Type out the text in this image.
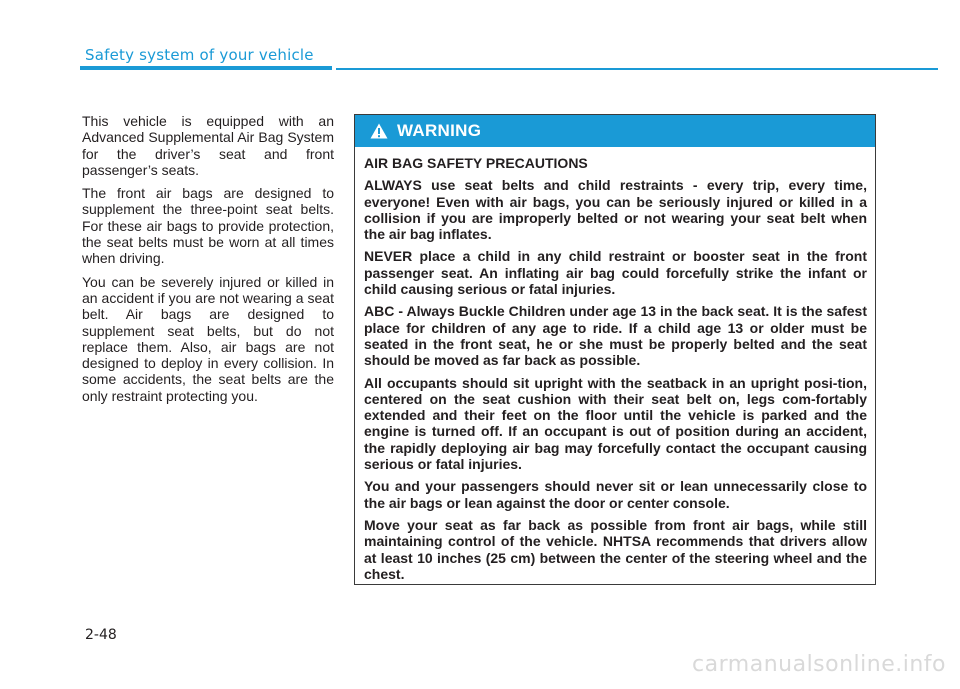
Safety system of your vehicle

This vehicle is equipped with an Advanced Supplemental Air Bag System for the driver’s seat and front passenger’s seats.

The front air bags are designed to supplement the three-point seat belts. For these air bags to provide protection, the seat belts must be worn at all times when driving.

You can be severely injured or killed in an accident if you are not wearing a seat belt. Air bags are designed to supplement seat belts, but do not replace them. Also, air bags are not designed to deploy in every collision. In some accidents, the seat belts are the only restraint protecting you.

WARNING
AIR BAG SAFETY PRECAUTIONS

ALWAYS use seat belts and child restraints - every trip, every time, everyone! Even with air bags, you can be seriously injured or killed in a collision if you are improperly belted or not wearing your seat belt when the air bag inflates.

NEVER place a child in any child restraint or booster seat in the front passenger seat. An inflating air bag could forcefully strike the infant or child causing serious or fatal injuries.

ABC - Always Buckle Children under age 13 in the back seat. It is the safest place for children of any age to ride. If a child age 13 or older must be seated in the front seat, he or she must be properly belted and the seat should be moved as far back as possible.

All occupants should sit upright with the seatback in an upright posi-tion, centered on the seat cushion with their seat belt on, legs com-fortably extended and their feet on the floor until the vehicle is parked and the engine is turned off. If an occupant is out of position during an accident, the rapidly deploying air bag may forcefully contact the occupant causing serious or fatal injuries.

You and your passengers should never sit or lean unnecessarily close to the air bags or lean against the door or center console.

Move your seat as far back as possible from front air bags, while still maintaining control of the vehicle. NHTSA recommends that drivers allow at least 10 inches (25 cm) between the center of the steering wheel and the chest.

2-48
carmanualsonline.info
